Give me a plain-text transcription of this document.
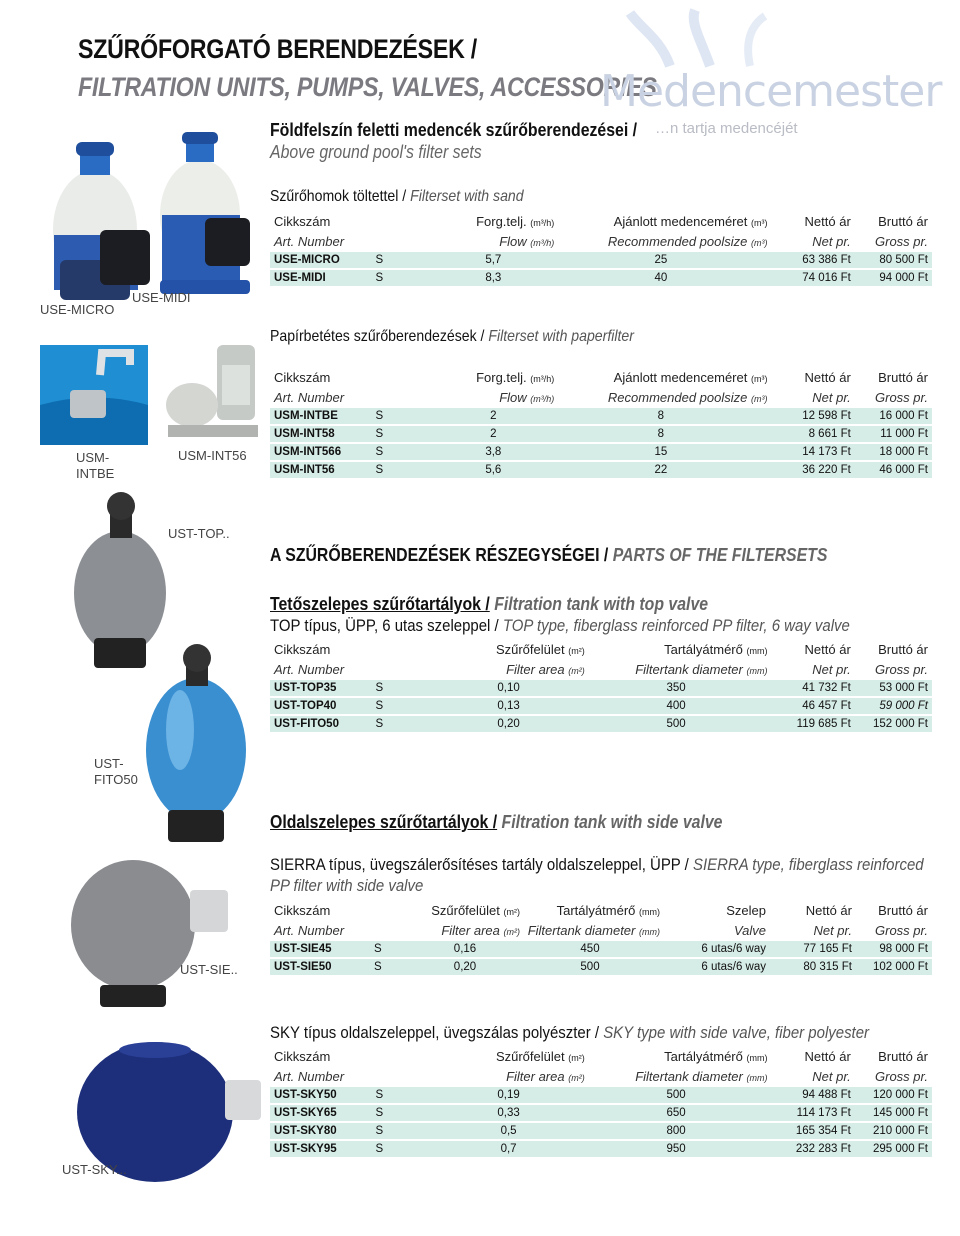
SZŰRŐFORGATÓ BERENDEZÉSEK /
FILTRATION UNITS, PUMPS, VALVES, ACCESSORIES
Medencemester
…n tartja medencéjét
Földfelszín feletti medencék szűrőberendezései /
Above ground pool's filter sets
USE-MICRO
USE-MIDI
USM-
INTBE
USM-INT56
UST-TOP..
UST-
FITO50
UST-SIE..
UST-SKY...
Szűrőhomok töltettel / Filterset with sand
Cikkszám		Forg.telj. (m³/h)	Ajánlott medenceméret (m³)	Nettó ár	Bruttó ár
Art. Number		Flow (m³/h)	Recommended poolsize (m³)	Net pr.	Gross pr.
USE-MICRO	S	5,7	25	63 386 Ft	80 500 Ft
USE-MIDI	S	8,3	40	74 016 Ft	94 000 Ft
Papírbetétes szűrőberendezések / Filterset with paperfilter
Cikkszám		Forg.telj. (m³/h)	Ajánlott medenceméret (m³)	Nettó ár	Bruttó ár
Art. Number		Flow (m³/h)	Recommended poolsize (m³)	Net pr.	Gross pr.
USM-INTBE	S	2	8	12 598 Ft	16 000 Ft
USM-INT58	S	2	8	8 661 Ft	11 000 Ft
USM-INT566	S	3,8	15	14 173 Ft	18 000 Ft
USM-INT56	S	5,6	22	36 220 Ft	46 000 Ft
A SZŰRŐBERENDEZÉSEK RÉSZEGYSÉGEI / PARTS OF THE FILTERSETS
Tetőszelepes szűrőtartályok / Filtration tank with top valve
TOP típus, ÜPP, 6 utas szeleppel / TOP type, fiberglass reinforced PP filter, 6 way valve
Cikkszám		Szűrőfelület (m²)	Tartályátmérő (mm)	Nettó ár	Bruttó ár
Art. Number		Filter area (m²)	Filtertank diameter (mm)	Net pr.	Gross pr.
UST-TOP35	S	0,10	350	41 732 Ft	53 000 Ft
UST-TOP40	S	0,13	400	46 457 Ft	59 000 Ft
UST-FITO50	S	0,20	500	119 685 Ft	152 000 Ft
Oldalszelepes szűrőtartályok / Filtration tank with side valve
SIERRA típus, üvegszálerősítéses tartály oldalszeleppel, ÜPP / SIERRA type, fiberglass reinforced
PP filter with side valve
Cikkszám		Szűrőfelület (m²)	Tartályátmérő (mm)	Szelep	Nettó ár	Bruttó ár
Art. Number		Filter area (m²)	Filtertank diameter (mm)	Valve	Net pr.	Gross pr.
UST-SIE45	S	0,16	450	6 utas/6 way	77 165 Ft	98 000 Ft
UST-SIE50	S	0,20	500	6 utas/6 way	80 315 Ft	102 000 Ft
SKY típus oldalszeleppel, üvegszálas polyészter / SKY type with side valve, fiber polyester
Cikkszám		Szűrőfelület (m²)	Tartályátmérő (mm)	Nettó ár	Bruttó ár
Art. Number		Filter area (m²)	Filtertank diameter (mm)	Net pr.	Gross pr.
UST-SKY50	S	0,19	500	94 488 Ft	120 000 Ft
UST-SKY65	S	0,33	650	114 173 Ft	145 000 Ft
UST-SKY80	S	0,5	800	165 354 Ft	210 000 Ft
UST-SKY95	S	0,7	950	232 283 Ft	295 000 Ft
